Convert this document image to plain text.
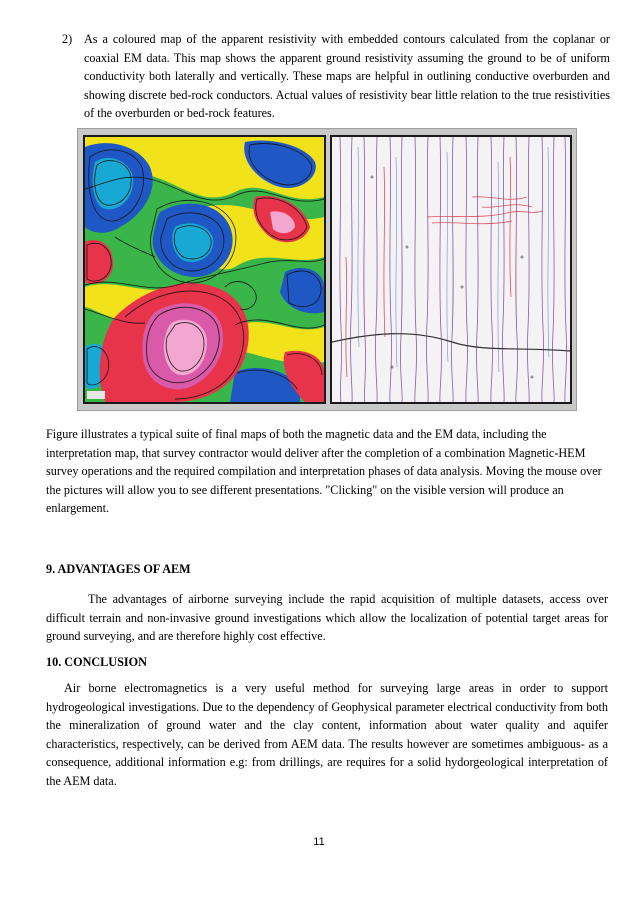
2) As a coloured map of the apparent resistivity with embedded contours calculated from the coplanar or coaxial EM data. This map shows the apparent ground resistivity assuming the ground to be of uniform conductivity both laterally and vertically. These maps are helpful in outlining conductive overburden and showing discrete bed-rock conductors. Actual values of resistivity bear little relation to the true resistivities of the overburden or bed-rock features.

Figure illustrates a typical suite of final maps of both the magnetic data and the EM data, including the interpretation map, that survey contractor would deliver after the completion of a combination Magnetic-HEM survey operations and the required compilation and interpretation phases of data analysis. Moving the mouse over the pictures will allow you to see different presentations. "Clicking" on the visible version will produce an enlargement.

9. ADVANTAGES OF AEM

The advantages of airborne surveying include the rapid acquisition of multiple datasets, access over difficult terrain and non-invasive ground investigations which allow the localization of potential target areas for ground surveying, and are therefore highly cost effective.

10. CONCLUSION

Air borne electromagnetics is a very useful method for surveying large areas in order to support hydrogeological investigations. Due to the dependency of Geophysical parameter electrical conductivity from both the mineralization of ground water and the clay content, information about water quality and aquifer characteristics, respectively, can be derived from AEM data. The results however are sometimes ambiguous- as a consequence, additional information e.g: from drillings, are requires for a solid hydorgeological interpretation of the AEM data.

11
